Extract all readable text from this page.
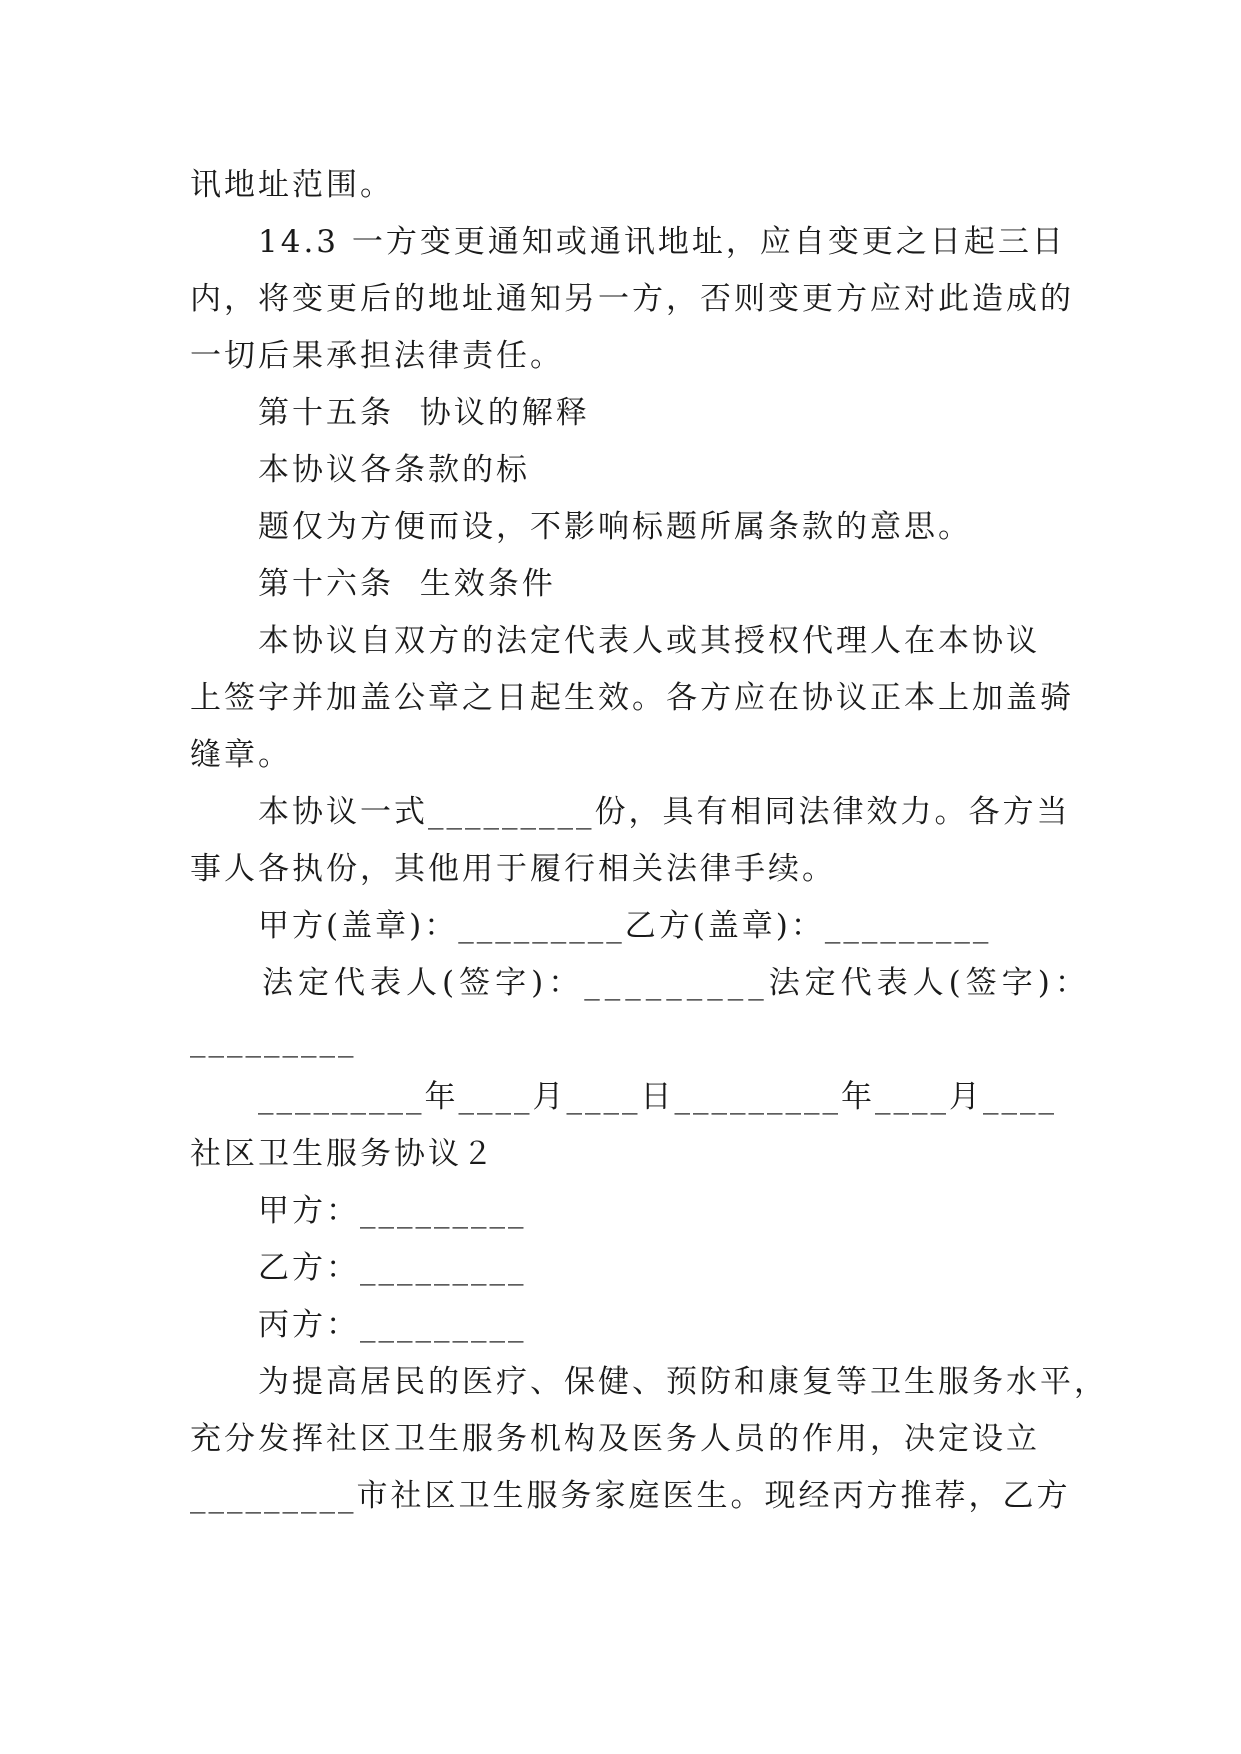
讯地址范围。
14.3 一方变更通知或通讯地址，应自变更之日起三日
内，将变更后的地址通知另一方，否则变更方应对此造成的
一切后果承担法律责任。
第十五条  协议的解释
本协议各条款的标
题仅为方便而设，不影响标题所属条款的意思。
第十六条  生效条件
本协议自双方的法定代表人或其授权代理人在本协议
上签字并加盖公章之日起生效。各方应在协议正本上加盖骑
缝章。
本协议一式_________份，具有相同法律效力。各方当
事人各执份，其他用于履行相关法律手续。
甲方(盖章)：_________乙方(盖章)：_________
法定代表人(签字)：_________法定代表人(签字)：
_________
_________年____月____日_________年____月____
社区卫生服务协议２
甲方：_________
乙方：_________
丙方：_________
为提高居民的医疗、保健、预防和康复等卫生服务水平，
充分发挥社区卫生服务机构及医务人员的作用，决定设立
_________市社区卫生服务家庭医生。现经丙方推荐，乙方
